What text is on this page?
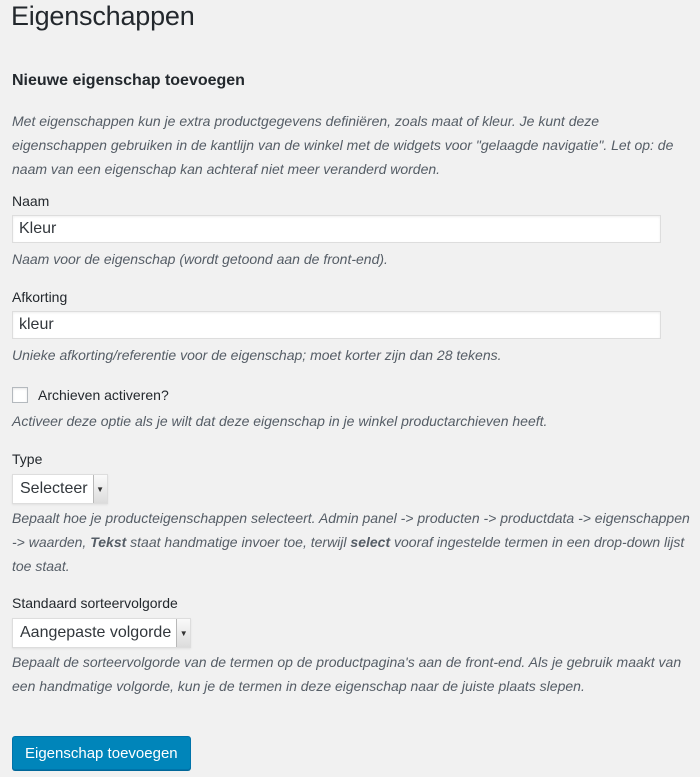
Eigenschappen
Nieuwe eigenschap toevoegen

Met eigenschappen kun je extra productgegevens definiëren, zoals maat of kleur. Je kunt deze eigenschappen gebruiken in de kantlijn van de winkel met de widgets voor "gelaagde navigatie". Let op: de naam van een eigenschap kan achteraf niet meer veranderd worden.

Naam

Kleur

Naam voor de eigenschap (wordt getoond aan de front-end).

Afkorting

kleur

Unieke afkorting/referentie voor de eigenschap; moet korter zijn dan 28 tekens.

Archieven activeren?

Activeer deze optie als je wilt dat deze eigenschap in je winkel productarchieven heeft.

Type

Selecteer	▼

Bepaalt hoe je producteigenschappen selecteert. Admin panel -> producten -> productdata -> eigenschappen -> waarden, Tekst staat handmatige invoer toe, terwijl select vooraf ingestelde termen in een drop-down lijst toe staat.

Standaard sorteervolgorde

Aangepaste volgorde	▼

Bepaalt de sorteervolgorde van de termen op de productpagina's aan de front-end. Als je gebruik maakt van een handmatige volgorde, kun je de termen in deze eigenschap naar de juiste plaats slepen.

Eigenschap toevoegen
